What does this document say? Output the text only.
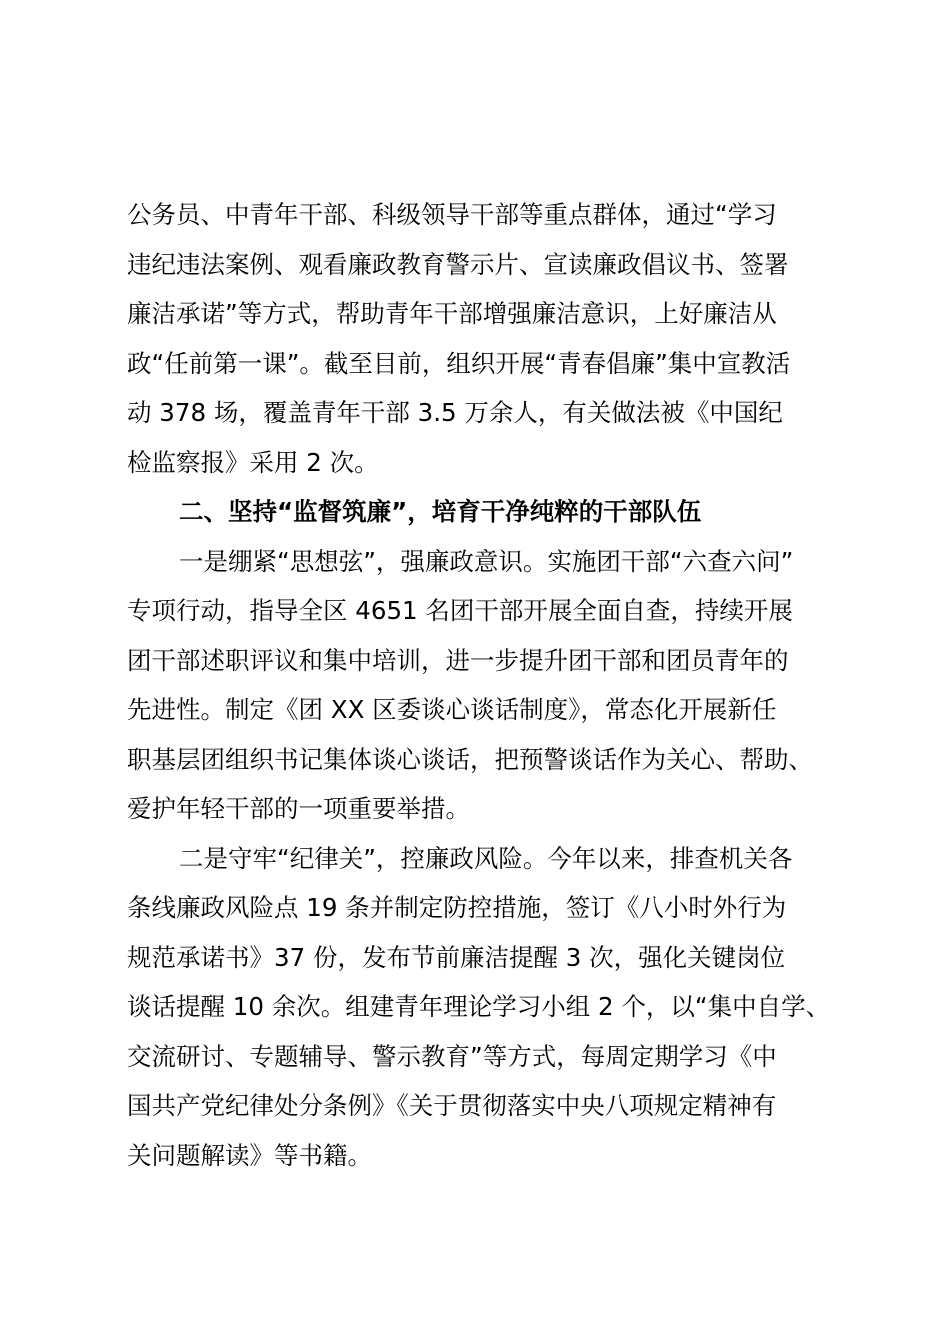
公务员、中青年干部、科级领导干部等重点群体，通过“学习
违纪违法案例、观看廉政教育警示片、宣读廉政倡议书、签署
廉洁承诺”等方式，帮助青年干部增强廉洁意识，上好廉洁从
政“任前第一课”。截至目前，组织开展“青春倡廉”集中宣教活
动 378 场，覆盖青年干部 3.5 万余人，有关做法被《中国纪
检监察报》采用 2 次。
二、坚持“监督筑廉”，培育干净纯粹的干部队伍
一是绷紧“思想弦”，强廉政意识。实施团干部“六查六问”
专项行动，指导全区 4651 名团干部开展全面自查，持续开展
团干部述职评议和集中培训，进一步提升团干部和团员青年的
先进性。制定《团 XX 区委谈心谈话制度》，常态化开展新任
职基层团组织书记集体谈心谈话，把预警谈话作为关心、帮助、
爱护年轻干部的一项重要举措。
二是守牢“纪律关”，控廉政风险。今年以来，排查机关各
条线廉政风险点 19 条并制定防控措施，签订《八小时外行为
规范承诺书》37 份，发布节前廉洁提醒 3 次，强化关键岗位
谈话提醒 10 余次。组建青年理论学习小组 2 个，以“集中自学、
交流研讨、专题辅导、警示教育”等方式，每周定期学习《中
国共产党纪律处分条例》《关于贯彻落实中央八项规定精神有
关问题解读》等书籍。
